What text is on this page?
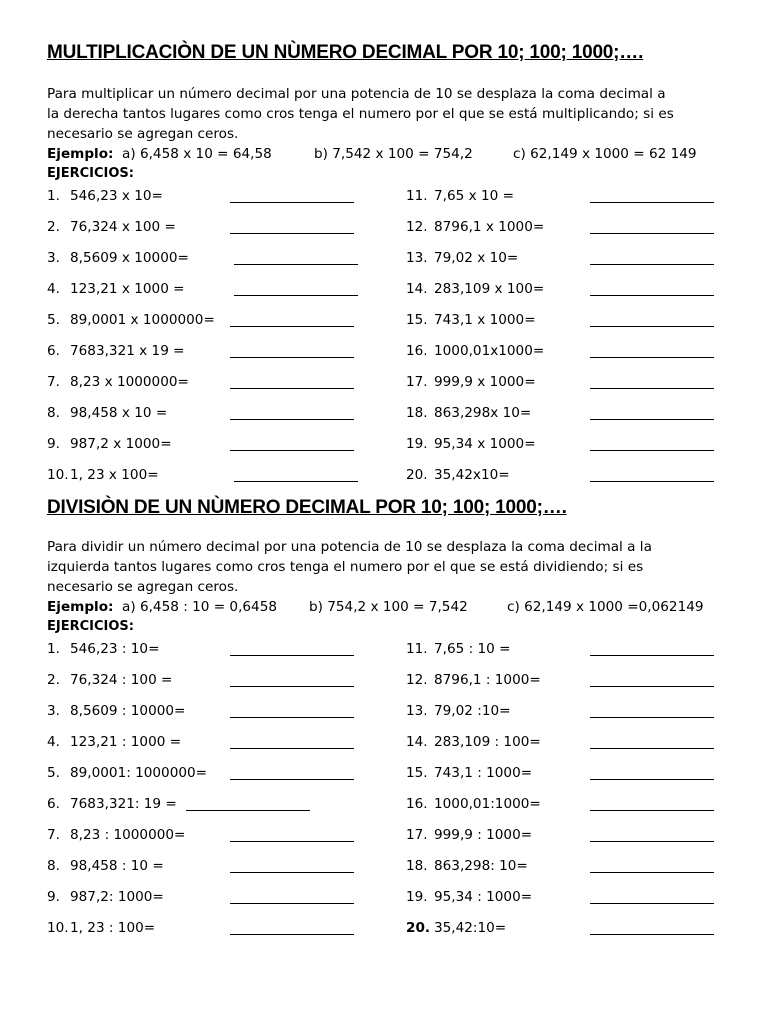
MULTIPLICACIÒN DE UN NÙMERO DECIMAL POR 10; 100; 1000;….

Para multiplicar un número decimal por una potencia de 10 se desplaza la coma decimal a

la derecha tantos lugares como cros tenga el numero por el que se está multiplicando; si es

necesario se agregan ceros.

Ejemplo: a) 6,458 x 10 = 64,58	b) 7,542 x 100 = 754,2	c) 62,149 x 1000 = 62 149
EJERCICIOS:
1. 546,23 x 10=	11. 7,65 x 10 =
2. 76,324 x 100 =	12. 8796,1 x 1000=
3. 8,5609 x 10000=	13. 79,02 x 10=
4. 123,21 x 1000 =	14. 283,109 x 100=
5. 89,0001 x 1000000=	15. 743,1 x 1000=
6. 7683,321 x 19 =	16. 1000,01x1000=
7. 8,23 x 1000000=	17. 999,9 x 1000=
8. 98,458 x 10 =	18. 863,298x 10=
9. 987,2 x 1000=	19. 95,34 x 1000=
10. 1, 23 x 100=	20. 35,42x10=
DIVISIÒN DE UN NÙMERO DECIMAL POR 10; 100; 1000;….

Para dividir un número decimal por una potencia de 10 se desplaza la coma decimal a la

izquierda tantos lugares como cros tenga el numero por el que se está dividiendo; si es

necesario se agregan ceros.

Ejemplo: a) 6,458 : 10 = 0,6458 b) 754,2 x 100 = 7,542	c) 62,149 x 1000 =0,062149
EJERCICIOS:
1. 546,23 : 10=	11. 7,65 : 10 =
2. 76,324 : 100 =	12. 8796,1 : 1000=
3. 8,5609 : 10000=	13. 79,02 :10=
4. 123,21 : 1000 =	14. 283,109 : 100=
5. 89,0001: 1000000=	15. 743,1 : 1000=
6. 7683,321: 19 =	16. 1000,01:1000=
7. 8,23 : 1000000=	17. 999,9 : 1000=
8. 98,458 : 10 =	18. 863,298: 10=
9. 987,2: 1000=	19. 95,34 : 1000=
10. 1, 23 : 100=	20. 35,42:10=
